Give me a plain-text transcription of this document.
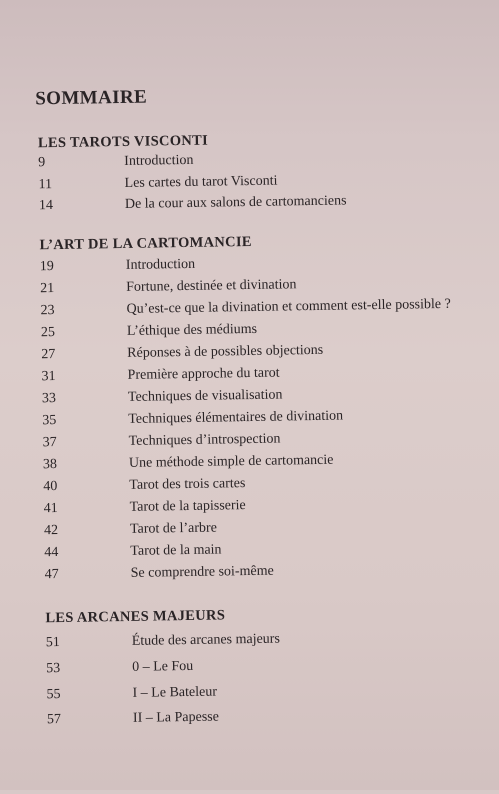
SOMMAIRE
LES TAROTS VISCONTI
9	Introduction
11	Les cartes du tarot Visconti
14	De la cour aux salons de cartomanciens
L’ART DE LA CARTOMANCIE
19	Introduction
21	Fortune, destinée et divination
23	Qu’est-ce que la divination et comment est-elle possible ?
25	L’éthique des médiums
27	Réponses à de possibles objections
31	Première approche du tarot
33	Techniques de visualisation
35	Techniques élémentaires de divination
37	Techniques d’introspection
38	Une méthode simple de cartomancie
40	Tarot des trois cartes
41	Tarot de la tapisserie
42	Tarot de l’arbre
44	Tarot de la main
47	Se comprendre soi-même
LES ARCANES MAJEURS
51	Étude des arcanes majeurs
53	0 – Le Fou
55	I – Le Bateleur
57	II – La Papesse
